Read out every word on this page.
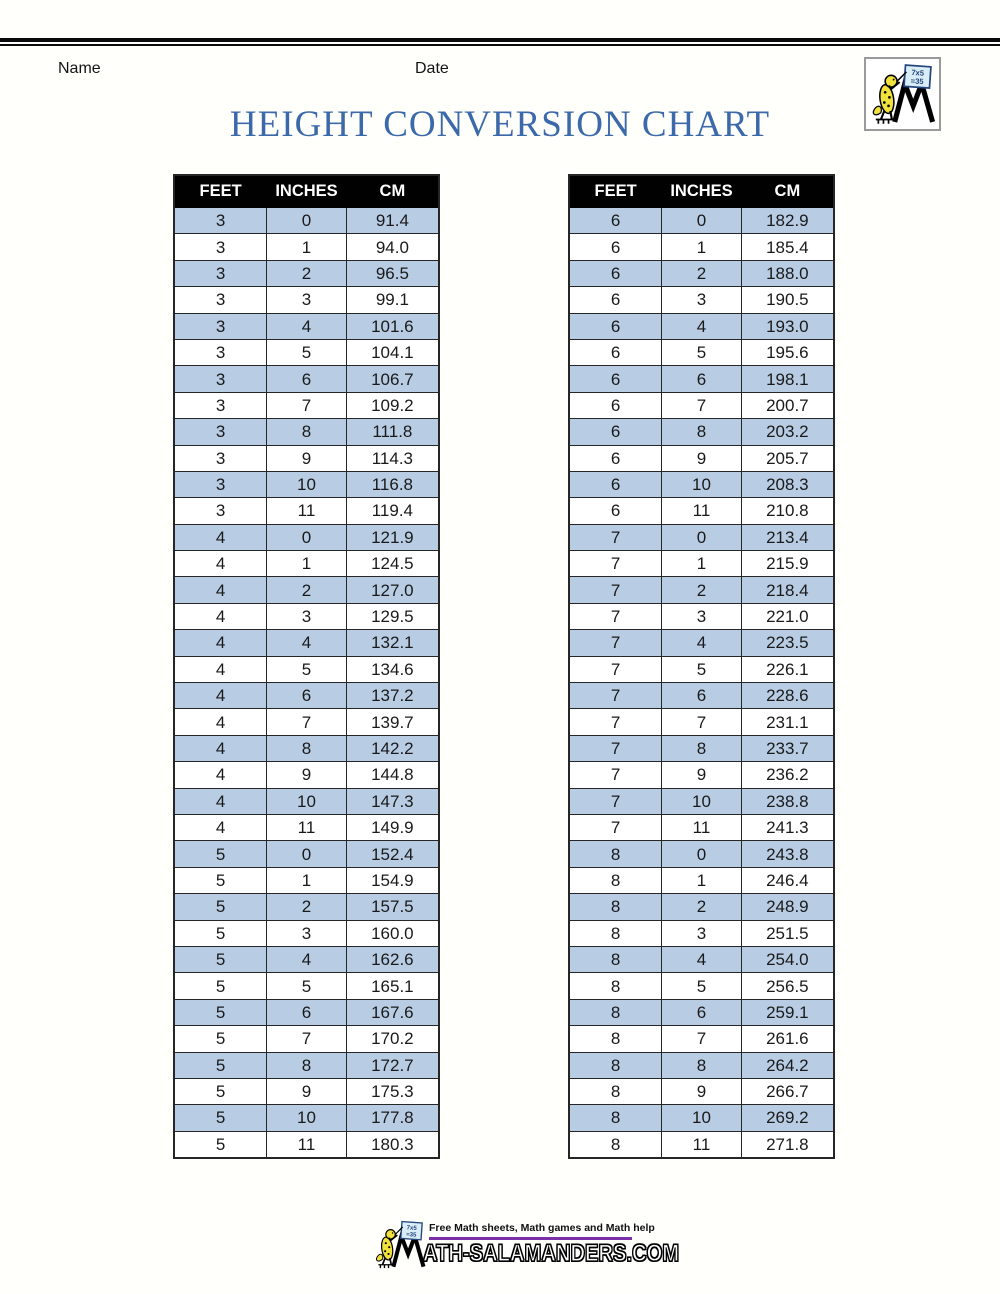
Name	Date
HEIGHT CONVERSION CHART
FEET	INCHES	CM
3	0	91.4
3	1	94.0
3	2	96.5
3	3	99.1
3	4	101.6
3	5	104.1
3	6	106.7
3	7	109.2
3	8	111.8
3	9	114.3
3	10	116.8
3	11	119.4
4	0	121.9
4	1	124.5
4	2	127.0
4	3	129.5
4	4	132.1
4	5	134.6
4	6	137.2
4	7	139.7
4	8	142.2
4	9	144.8
4	10	147.3
4	11	149.9
5	0	152.4
5	1	154.9
5	2	157.5
5	3	160.0
5	4	162.6
5	5	165.1
5	6	167.6
5	7	170.2
5	8	172.7
5	9	175.3
5	10	177.8
5	11	180.3
FEET	INCHES	CM
6	0	182.9
6	1	185.4
6	2	188.0
6	3	190.5
6	4	193.0
6	5	195.6
6	6	198.1
6	7	200.7
6	8	203.2
6	9	205.7
6	10	208.3
6	11	210.8
7	0	213.4
7	1	215.9
7	2	218.4
7	3	221.0
7	4	223.5
7	5	226.1
7	6	228.6
7	7	231.1
7	8	233.7
7	9	236.2
7	10	238.8
7	11	241.3
8	0	243.8
8	1	246.4
8	2	248.9
8	3	251.5
8	4	254.0
8	5	256.5
8	6	259.1
8	7	261.6
8	8	264.2
8	9	266.7
8	10	269.2
8	11	271.8
Free Math sheets, Math games and Math help
ATH-SALAMANDERS.COM
